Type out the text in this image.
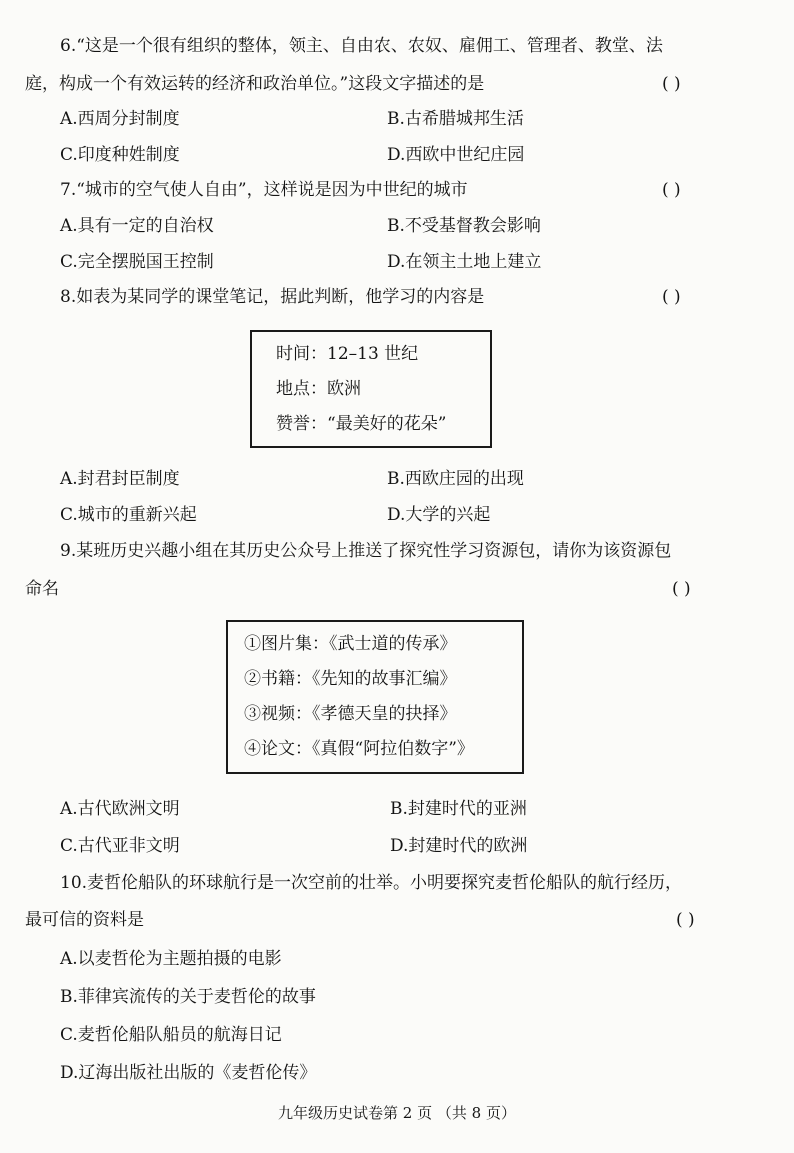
6.“这是一个很有组织的整体，领主、自由农、农奴、雇佣工、管理者、教堂、法
庭，构成一个有效运转的经济和政治单位。”这段文字描述的是	( )
A.西周分封制度	B.古希腊城邦生活
C.印度种姓制度	D.西欧中世纪庄园
7.“城市的空气使人自由”，这样说是因为中世纪的城市	( )
A.具有一定的自治权	B.不受基督教会影响
C.完全摆脱国王控制	D.在领主土地上建立
8.如表为某同学的课堂笔记，据此判断，他学习的内容是	( )
时间：12–13 世纪
地点：欧洲
赞誉：“最美好的花朵”
A.封君封臣制度	B.西欧庄园的出现
C.城市的重新兴起	D.大学的兴起
9.某班历史兴趣小组在其历史公众号上推送了探究性学习资源包，请你为该资源包
命名	( )
①图片集：《武士道的传承》
②书籍：《先知的故事汇编》
③视频：《孝德天皇的抉择》
④论文：《真假“阿拉伯数字”》
A.古代欧洲文明	B.封建时代的亚洲
C.古代亚非文明	D.封建时代的欧洲
10.麦哲伦船队的环球航行是一次空前的壮举。小明要探究麦哲伦船队的航行经历，
最可信的资料是	( )
A.以麦哲伦为主题拍摄的电影
B.菲律宾流传的关于麦哲伦的故事
C.麦哲伦船队船员的航海日记
D.辽海出版社出版的《麦哲伦传》
九年级历史试卷第 2 页 （共 8 页）
